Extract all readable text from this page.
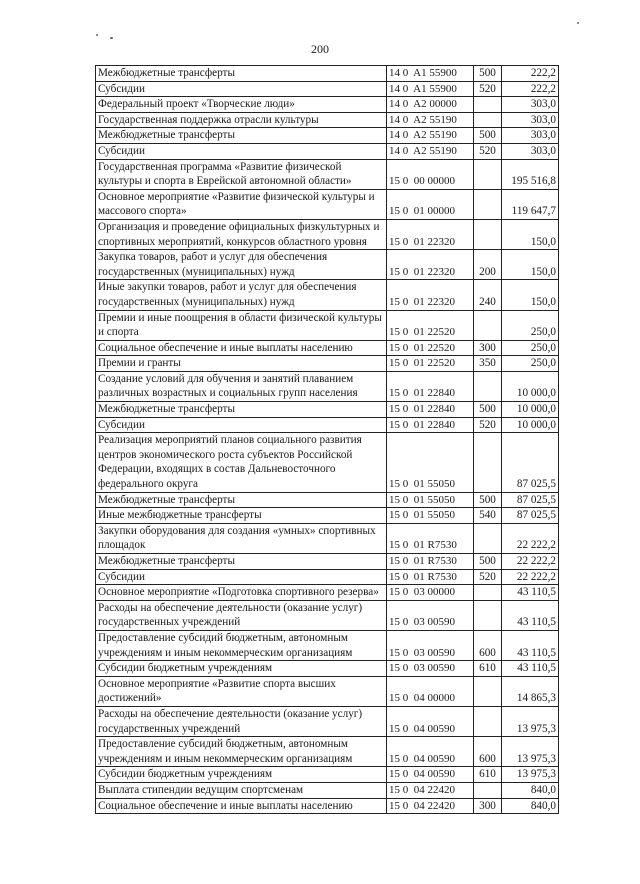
200
Межбюджетные трансферты	14 0  A1 55900	500	222,2
Субсидии	14 0  A1 55900	520	222,2
Федеральный проект «Творческие люди»	14 0  A2 00000		303,0
Государственная поддержка отрасли культуры	14 0  A2 55190		303,0
Межбюджетные трансферты	14 0  A2 55190	500	303,0
Субсидии	14 0  A2 55190	520	303,0
Государственная программа «Развитие физической культуры и спорта в Еврейской автономной области»	15 0  00 00000		195 516,8
Основное мероприятие «Развитие физической культуры и массового спорта»	15 0  01 00000		119 647,7
Организация и проведение официальных физкультурных и спортивных мероприятий, конкурсов областного уровня	15 0  01 22320		150,0
Закупка товаров, работ и услуг для обеспечения государственных (муниципальных) нужд	15 0  01 22320	200	150,0
Иные закупки товаров, работ и услуг для обеспечения государственных (муниципальных) нужд	15 0  01 22320	240	150,0
Премии и иные поощрения в области физической культуры и спорта	15 0  01 22520		250,0
Социальное обеспечение и иные выплаты населению	15 0  01 22520	300	250,0
Премии и гранты	15 0  01 22520	350	250,0
Создание условий для обучения и занятий плаванием различных возрастных и социальных групп населения	15 0  01 22840		10 000,0
Межбюджетные трансферты	15 0  01 22840	500	10 000,0
Субсидии	15 0  01 22840	520	10 000,0
Реализация мероприятий планов социального развития центров экономического роста субъектов Российской Федерации, входящих в состав Дальневосточного федерального округа	15 0  01 55050		87 025,5
Межбюджетные трансферты	15 0  01 55050	500	87 025,5
Иные межбюджетные трансферты	15 0  01 55050	540	87 025,5
Закупки оборудования для создания «умных» спортивных площадок	15 0  01 R7530		22 222,2
Межбюджетные трансферты	15 0  01 R7530	500	22 222,2
Субсидии	15 0  01 R7530	520	22 222,2
Основное мероприятие «Подготовка спортивного резерва»	15 0  03 00000		43 110,5
Расходы на обеспечение деятельности (оказание услуг) государственных учреждений	15 0  03 00590		43 110,5
Предоставление субсидий бюджетным, автономным учреждениям и иным некоммерческим организациям	15 0  03 00590	600	43 110,5
Субсидии бюджетным учреждениям	15 0  03 00590	610	43 110,5
Основное мероприятие «Развитие спорта высших достижений»	15 0  04 00000		14 865,3
Расходы на обеспечение деятельности (оказание услуг) государственных учреждений	15 0  04 00590		13 975,3
Предоставление субсидий бюджетным, автономным учреждениям и иным некоммерческим организациям	15 0  04 00590	600	13 975,3
Субсидии бюджетным учреждениям	15 0  04 00590	610	13 975,3
Выплата стипендии ведущим спортсменам	15 0  04 22420		840,0
Социальное обеспечение и иные выплаты населению	15 0  04 22420	300	840,0
